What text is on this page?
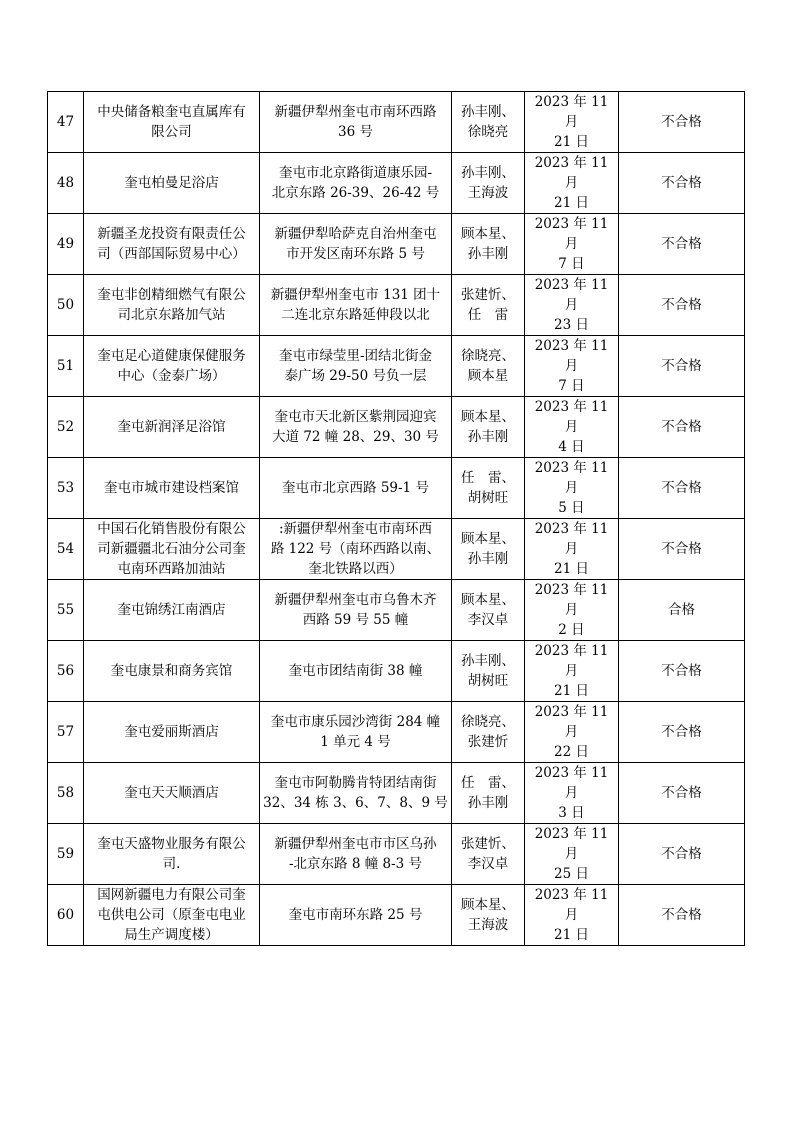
47	中央储备粮奎屯直属库有
限公司	新疆伊犁州奎屯市南环西路
36 号	孙丰刚、
徐晓亮	2023 年 11 月
21 日	不合格

48	奎屯柏曼足浴店	奎屯市北京路街道康乐园-
北京东路 26-39、26-42 号	孙丰刚、
王海波	2023 年 11 月
21 日	不合格

49	新疆圣龙投资有限责任公
司（西部国际贸易中心）	新疆伊犁哈萨克自治州奎屯
市开发区南环东路 5 号	顾本星、
孙丰刚	2023 年 11 月
7 日	不合格

50	奎屯非创精细燃气有限公
司北京东路加气站	新疆伊犁州奎屯市 131 团十
二连北京东路延伸段以北	张建忻、
任　雷	2023 年 11 月
23 日	不合格

51	奎屯足心道健康保健服务
中心（金泰广场）	奎屯市绿莹里-团结北街金
泰广场 29-50 号负一层	徐晓亮、
顾本星	2023 年 11 月
7 日	不合格

52	奎屯新润泽足浴馆	奎屯市天北新区紫荆园迎宾
大道 72 幢 28、29、30 号	顾本星、
孙丰刚	2023 年 11 月
4 日	不合格

53	奎屯市城市建设档案馆	奎屯市北京西路 59-1 号	任　雷、
胡树旺	2023 年 11 月
5 日	不合格

54	中国石化销售股份有限公
司新疆疆北石油分公司奎
屯南环西路加油站	:新疆伊犁州奎屯市南环西
路 122 号（南环西路以南、
奎北铁路以西）	顾本星、
孙丰刚	2023 年 11 月
21 日	不合格

55	奎屯锦绣江南酒店	新疆伊犁州奎屯市乌鲁木齐
西路 59 号 55 幢	顾本星、
李汉卓	2023 年 11 月
2 日	合格

56	奎屯康景和商务宾馆	奎屯市团结南街 38 幢	孙丰刚、
胡树旺	2023 年 11 月
21 日	不合格

57	奎屯爱丽斯酒店	奎屯市康乐园沙湾街 284 幢
1 单元 4 号	徐晓亮、
张建忻	2023 年 11 月
22 日	不合格

58	奎屯天天顺酒店	奎屯市阿勒腾肯特团结南街
32、34 栋 3、6、7、8、9 号	任　雷、
孙丰刚	2023 年 11 月
3 日	不合格

59	奎屯天盛物业服务有限公
司.	新疆伊犁州奎屯市市区乌孙
-北京东路 8 幢 8-3 号	张建忻、
李汉卓	2023 年 11 月
25 日	不合格

60	国网新疆电力有限公司奎
屯供电公司（原奎屯电业
局生产调度楼）	奎屯市南环东路 25 号	顾本星、
王海波	2023 年 11 月
21 日	不合格
